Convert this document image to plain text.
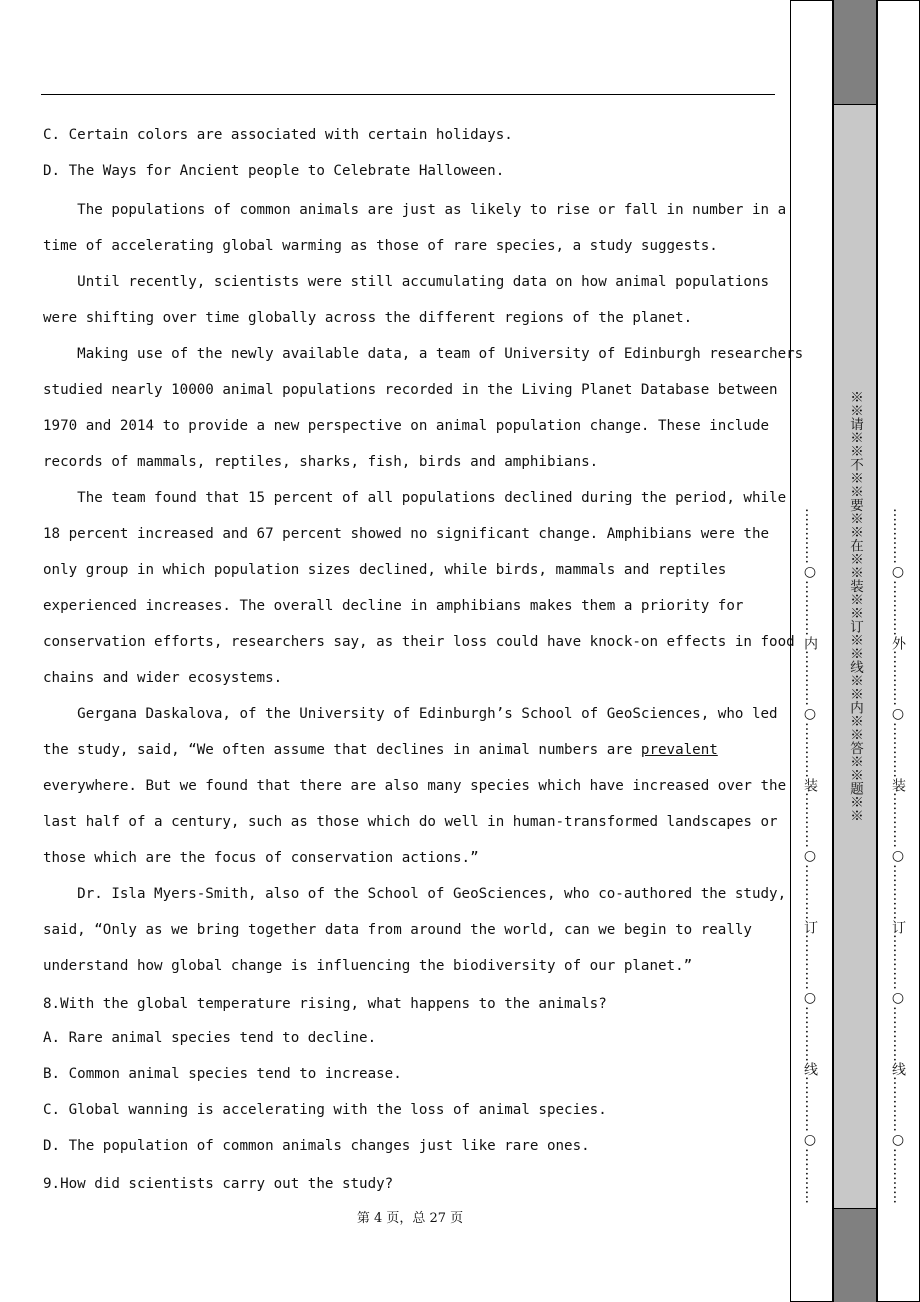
C. Certain colors are associated with certain holidays.
D. The Ways for Ancient people to Celebrate Halloween.
The populations of common animals are just as likely to rise or fall in number in a
time of accelerating global warming as those of rare species, a study suggests.
Until recently, scientists were still accumulating data on how animal populations
were shifting over time globally across the different regions of the planet.
Making use of the newly available data, a team of University of Edinburgh researchers
studied nearly 10000 animal populations recorded in the Living Planet Database between
1970 and 2014 to provide a new perspective on animal population change. These include
records of mammals, reptiles, sharks, fish, birds and amphibians.
The team found that 15 percent of all populations declined during the period, while
18 percent increased and 67 percent showed no significant change. Amphibians were the
only group in which population sizes declined, while birds, mammals and reptiles
experienced increases. The overall decline in amphibians makes them a priority for
conservation efforts, researchers say, as their loss could have knock-on effects in food
chains and wider ecosystems.
Gergana Daskalova, of the University of Edinburgh’s School of GeoSciences, who led
the study, said, “We often assume that declines in animal numbers are prevalent
everywhere. But we found that there are also many species which have increased over the
last half of a century, such as those which do well in human-transformed landscapes or
those which are the focus of conservation actions.”
Dr. Isla Myers-Smith, also of the School of GeoSciences, who co-authored the study,
said, “Only as we bring together data from around the world, can we begin to really
understand how global change is influencing the biodiversity of our planet.”
8.With the global temperature rising, what happens to the animals?
A. Rare animal species tend to decline.
B. Common animal species tend to increase.
C. Global wanning is accelerating with the loss of animal species.
D. The population of common animals changes just like rare ones.
9.How did scientists carry out the study?
第 4 页，总 27 页
…………○…………内…………○…………装…………○…………订…………○…………线…………○………… ※※请※※不※※要※※在※※装※※订※※线※※内※※答※※题※※ …………○…………外…………○…………装…………○…………订…………○…………线…………○…………
